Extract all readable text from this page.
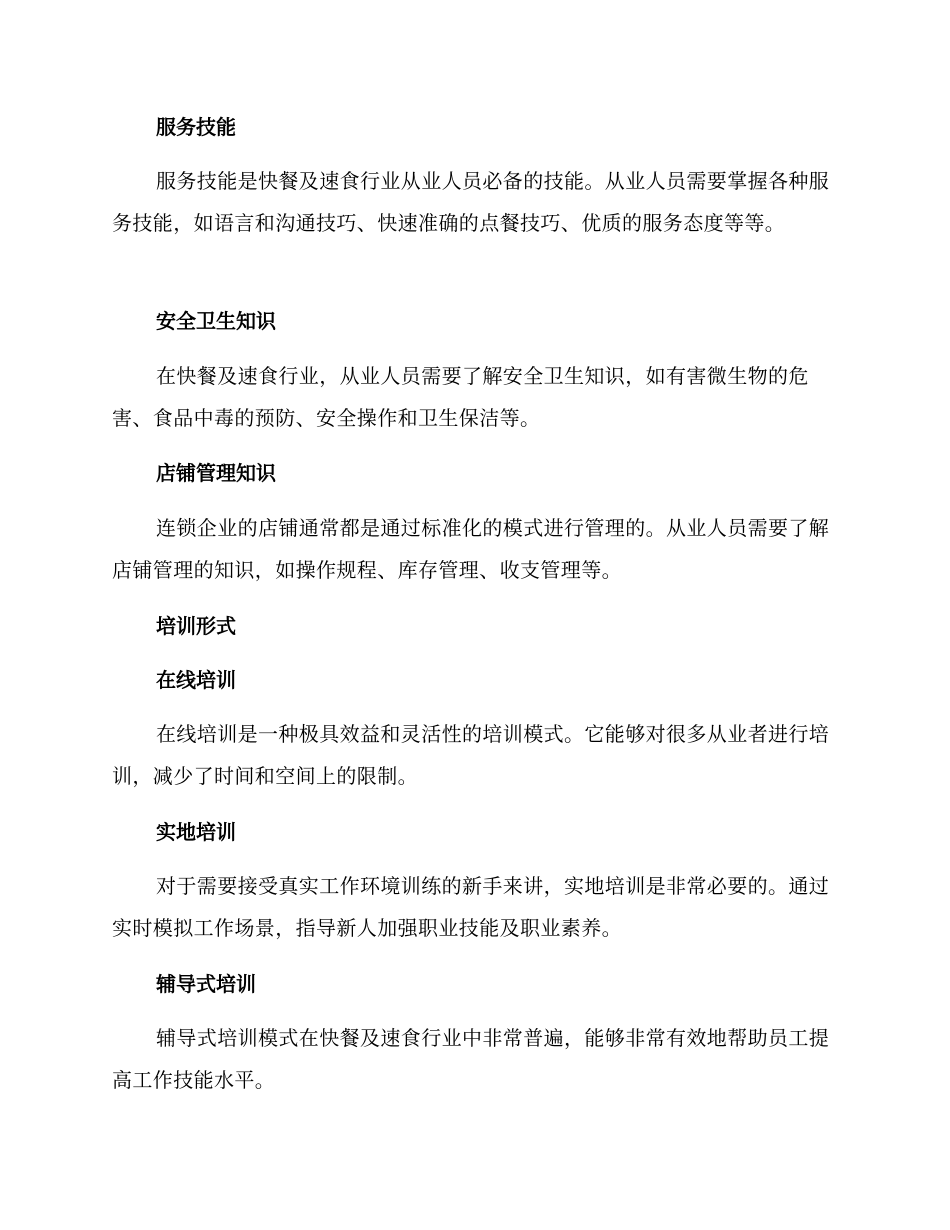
服务技能
服务技能是快餐及速食行业从业人员必备的技能。从业人员需要掌握各种服务技能，如语言和沟通技巧、快速准确的点餐技巧、优质的服务态度等等。
安全卫生知识
在快餐及速食行业，从业人员需要了解安全卫生知识，如有害微生物的危害、食品中毒的预防、安全操作和卫生保洁等。
店铺管理知识
连锁企业的店铺通常都是通过标准化的模式进行管理的。从业人员需要了解店铺管理的知识，如操作规程、库存管理、收支管理等。
培训形式
在线培训
在线培训是一种极具效益和灵活性的培训模式。它能够对很多从业者进行培训，减少了时间和空间上的限制。
实地培训
对于需要接受真实工作环境训练的新手来讲，实地培训是非常必要的。通过实时模拟工作场景，指导新人加强职业技能及职业素养。
辅导式培训
辅导式培训模式在快餐及速食行业中非常普遍，能够非常有效地帮助员工提高工作技能水平。
